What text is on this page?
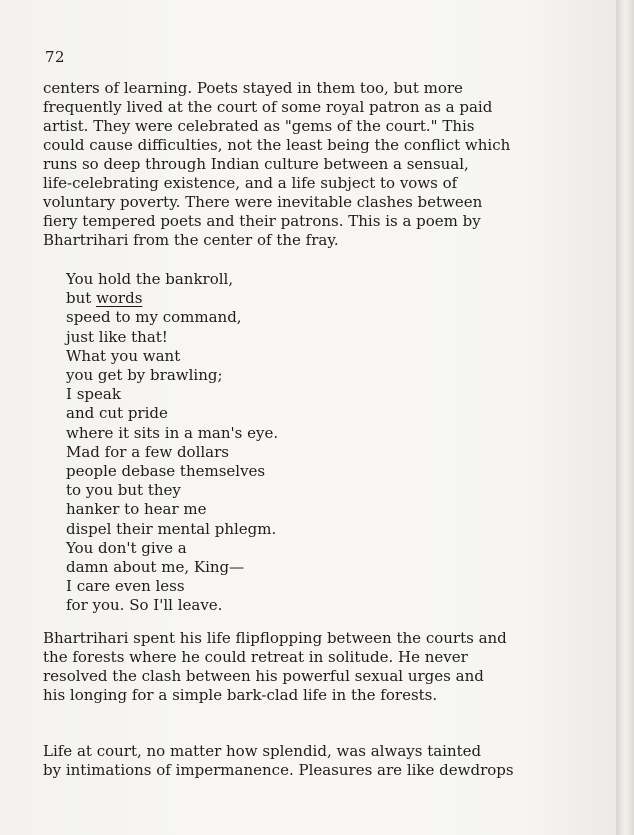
72

centers of learning. Poets stayed in them too, but more
frequently lived at the court of some royal patron as a paid
artist. They were celebrated as "gems of the court." This
could cause difficulties, not the least being the conflict which
runs so deep through Indian culture between a sensual,
life-celebrating existence, and a life subject to vows of
voluntary poverty. There were inevitable clashes between
fiery tempered poets and their patrons. This is a poem by
Bhartrihari from the center of the fray.

You hold the bankroll,
but words
speed to my command,
just like that!
What you want
you get by brawling;
I speak
and cut pride
where it sits in a man's eye.
Mad for a few dollars
people debase themselves
to you but they
hanker to hear me
dispel their mental phlegm.
You don't give a
damn about me, King—
I care even less
for you. So I'll leave.

Bhartrihari spent his life flipflopping between the courts and
the forests where he could retreat in solitude. He never
resolved the clash between his powerful sexual urges and
his longing for a simple bark-clad life in the forests.

Life at court, no matter how splendid, was always tainted
by intimations of impermanence. Pleasures are like dewdrops
